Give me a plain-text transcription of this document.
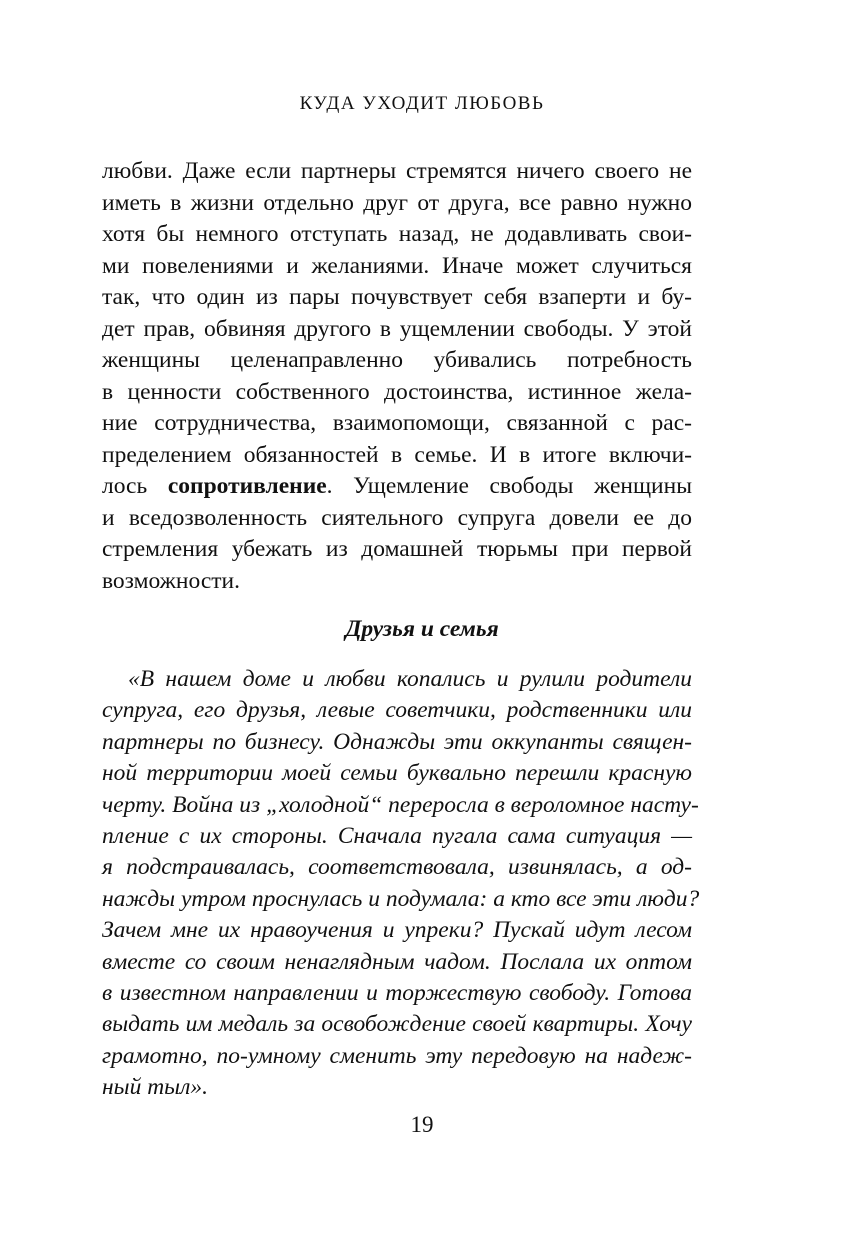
КУДА УХОДИТ ЛЮБОВЬ
любви. Даже если партнеры стремятся ничего своего не
иметь в жизни отдельно друг от друга, все равно нужно
хотя бы немного отступать назад, не додавливать свои-
ми повелениями и желаниями. Иначе может случиться
так, что один из пары почувствует себя взаперти и бу-
дет прав, обвиняя другого в ущемлении свободы. У этой
женщины целенаправленно убивались потребность
в ценности собственного достоинства, истинное жела-
ние сотрудничества, взаимопомощи, связанной с рас-
пределением обязанностей в семье. И в итоге включи-
лось сопротивление. Ущемление свободы женщины
и вседозволенность сиятельного супруга довели ее до
стремления убежать из домашней тюрьмы при первой
возможности.
Друзья и семья
«В нашем доме и любви копались и рулили родители
супруга, его друзья, левые советчики, родственники или
партнеры по бизнесу. Однажды эти оккупанты священ-
ной территории моей семьи буквально перешли красную
черту. Война из „холодной“ переросла в вероломное насту-
пление с их стороны. Сначала пугала сама ситуация —
я подстраивалась, соответствовала, извинялась, а од-
нажды утром проснулась и подумала: а кто все эти люди?
Зачем мне их нравоучения и упреки? Пускай идут лесом
вместе со своим ненаглядным чадом. Послала их оптом
в известном направлении и торжествую свободу. Готова
выдать им медаль за освобождение своей квартиры. Хочу
грамотно, по-умному сменить эту передовую на надеж-
ный тыл».
19
